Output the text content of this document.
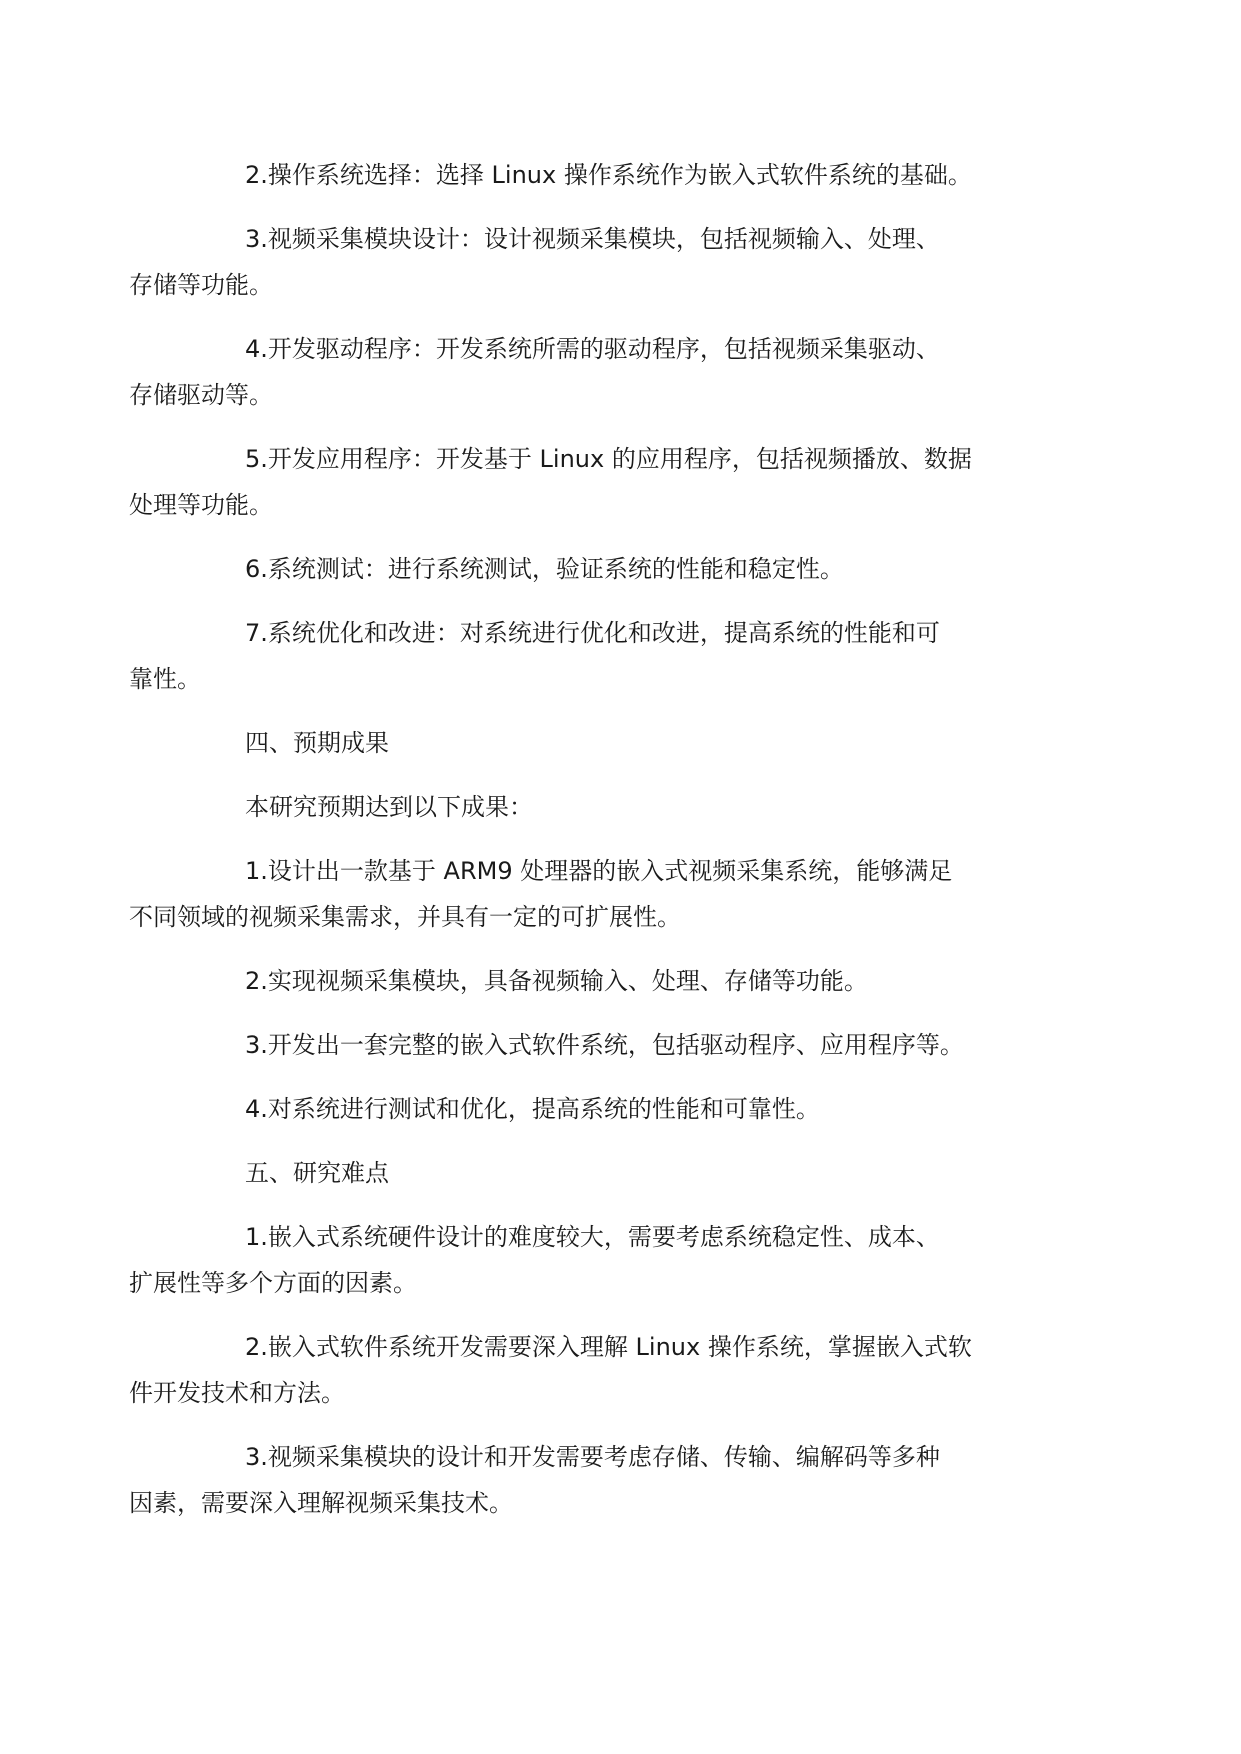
2.操作系统选择：选择 Linux 操作系统作为嵌入式软件系统的基础。

3.视频采集模块设计：设计视频采集模块，包括视频输入、处理、
存储等功能。

4.开发驱动程序：开发系统所需的驱动程序，包括视频采集驱动、
存储驱动等。

5.开发应用程序：开发基于 Linux 的应用程序，包括视频播放、数据
处理等功能。

6.系统测试：进行系统测试，验证系统的性能和稳定性。

7.系统优化和改进：对系统进行优化和改进，提高系统的性能和可
靠性。

四、预期成果

本研究预期达到以下成果：

1.设计出一款基于 ARM9 处理器的嵌入式视频采集系统，能够满足
不同领域的视频采集需求，并具有一定的可扩展性。

2.实现视频采集模块，具备视频输入、处理、存储等功能。

3.开发出一套完整的嵌入式软件系统，包括驱动程序、应用程序等。

4.对系统进行测试和优化，提高系统的性能和可靠性。

五、研究难点

1.嵌入式系统硬件设计的难度较大，需要考虑系统稳定性、成本、
扩展性等多个方面的因素。

2.嵌入式软件系统开发需要深入理解 Linux 操作系统，掌握嵌入式软
件开发技术和方法。

3.视频采集模块的设计和开发需要考虑存储、传输、编解码等多种
因素，需要深入理解视频采集技术。
